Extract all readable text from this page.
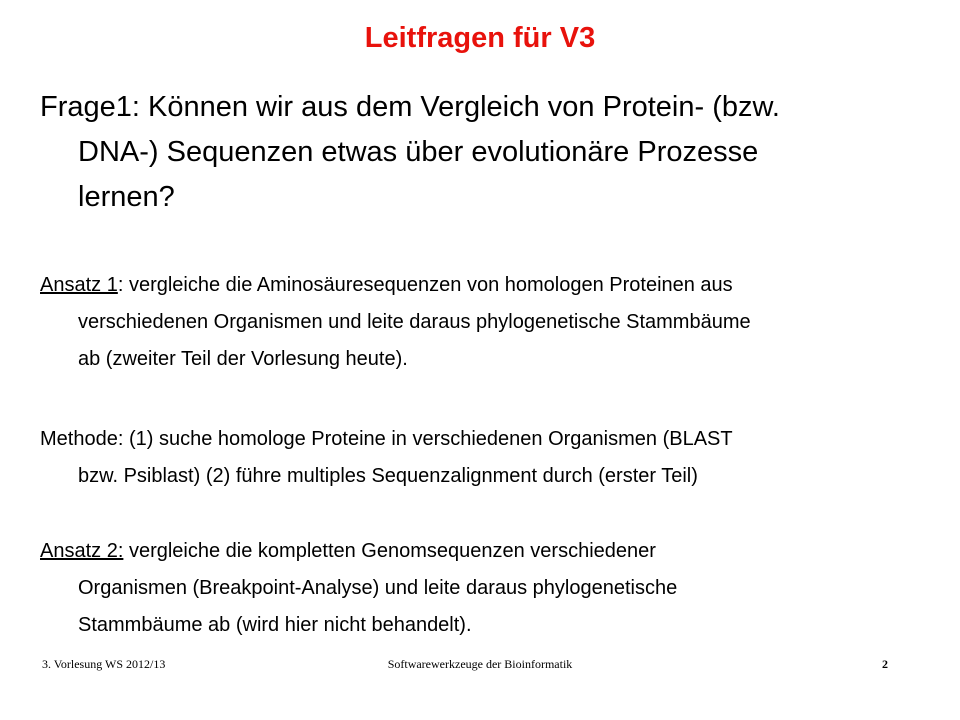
Leitfragen für V3
Frage1: Können wir aus dem Vergleich von Protein- (bzw.
DNA-) Sequenzen etwas über evolutionäre Prozesse
lernen?
Ansatz 1: vergleiche die Aminosäuresequenzen von homologen Proteinen aus
verschiedenen Organismen und leite daraus phylogenetische Stammbäume
ab (zweiter Teil der Vorlesung heute).
Methode: (1) suche homologe Proteine in verschiedenen Organismen (BLAST
bzw. Psiblast) (2) führe multiples Sequenzalignment durch (erster Teil)
Ansatz 2: vergleiche die kompletten Genomsequenzen verschiedener
Organismen (Breakpoint-Analyse) und leite daraus phylogenetische
Stammbäume ab (wird hier nicht behandelt).
3. Vorlesung WS 2012/13	Softwarewerkzeuge der Bioinformatik	2
